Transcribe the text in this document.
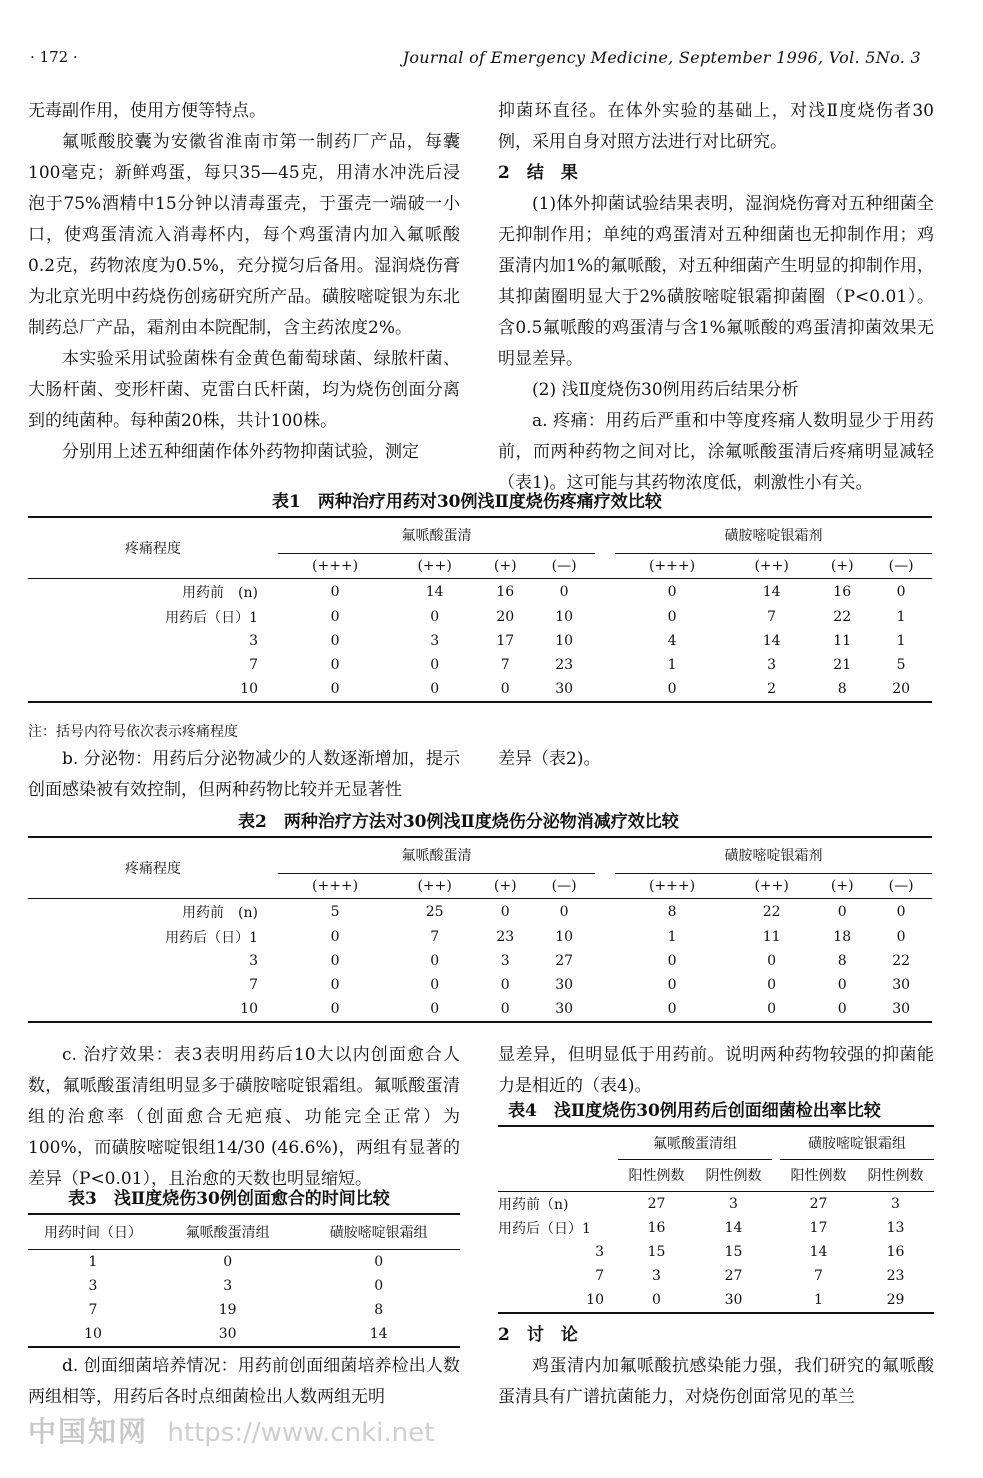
· 172 ·	Journal of Emergency Medicine, September 1996, Vol. 5No. 3

无毒副作用，使用方便等特点。

氟哌酸胶囊为安徽省淮南市第一制药厂产品，每囊100毫克；新鲜鸡蛋，每只35—45克，用清水冲洗后浸泡于75%酒精中15分钟以清毒蛋壳，于蛋壳一端破一小口，使鸡蛋清流入消毒杯内，每个鸡蛋清内加入氟哌酸0.2克，药物浓度为0.5%，充分搅匀后备用。湿润烧伤膏为北京光明中药烧伤创疡研究所产品。磺胺嘧啶银为东北制药总厂产品，霜剂由本院配制，含主药浓度2%。

本实验采用试验菌株有金黄色葡萄球菌、绿脓杆菌、大肠杆菌、变形杆菌、克雷白氏杆菌，均为烧伤创面分离到的纯菌种。每种菌20株，共计100株。

分别用上述五种细菌作体外药物抑菌试验，测定

抑菌环直径。在体外实验的基础上，对浅Ⅱ度烧伤者30例，采用自身对照方法进行对比研究。

2　结　果

(1)体外抑菌试验结果表明，湿润烧伤膏对五种细菌全无抑制作用；单纯的鸡蛋清对五种细菌也无抑制作用；鸡蛋清内加1%的氟哌酸，对五种细菌产生明显的抑制作用，其抑菌圈明显大于2%磺胺嘧啶银霜抑菌圈（P<0.01）。含0.5氟哌酸的鸡蛋清与含1%氟哌酸的鸡蛋清抑菌效果无明显差异。

(2) 浅Ⅱ度烧伤30例用药后结果分析

a. 疼痛：用药后严重和中等度疼痛人数明显少于用药前，而两种药物之间对比，涂氟哌酸蛋清后疼痛明显减轻（表1)。这可能与其药物浓度低，刺激性小有关。

表1　两种治疗用药对30例浅Ⅱ度烧伤疼痛疗效比较
疼痛程度	氟哌酸蛋清					磺胺嘧啶银霜剂			
	(+++)	(++)	(+)	(—)		(+++)	(++)	(+)	(—)
用药前　(n)	0	14	16	0		0	14	16	0
用药后（日）1	0	0	20	10		0	7	22	1
3	0	3	17	10		4	14	11	1
7	0	0	7	23		1	3	21	5
10	0	0	0	30		0	2	8	20
注：括号内符号依次表示疼痛程度

b. 分泌物：用药后分泌物减少的人数逐渐增加，提示创面感染被有效控制，但两种药物比较并无显著性

差异（表2)。

表2　两种治疗方法对30例浅Ⅱ度烧伤分泌物消减疗效比较
疼痛程度	氟哌酸蛋清					磺胺嘧啶银霜剂			
	(+++)	(++)	(+)	(—)		(+++)	(++)	(+)	(—)
用药前　(n)	5	25	0	0		8	22	0	0
用药后（日）1	0	7	23	10		1	11	18	0
3	0	0	3	27		0	0	8	22
7	0	0	0	30		0	0	0	30
10	0	0	0	30		0	0	0	30

c. 治疗效果：表3表明用药后10大以内创面愈合人数，氟哌酸蛋清组明显多于磺胺嘧啶银霜组。氟哌酸蛋清组的治愈率（创面愈合无疤痕、功能完全正常）为100%，而磺胺嘧啶银组14/30 (46.6%)，两组有显著的差异（P<0.01），且治愈的天数也明显缩短。

表3　浅Ⅱ度烧伤30例创面愈合的时间比较
用药时间（日）	氟哌酸蛋清组	磺胺嘧啶银霜组
1	0	0
3	3	0
7	19	8
10	30	14

d. 创面细菌培养情况：用药前创面细菌培养检出人数两组相等，用药后各时点细菌检出人数两组无明

显差异，但明显低于用药前。说明两种药物较强的抑菌能力是相近的（表4)。

表4　浅Ⅱ度烧伤30例用药后创面细菌检出率比较
	氟哌酸蛋清组			磺胺嘧啶银霜组	
	阳性例数	阴性例数		阳性例数	阴性例数
用药前（n)	27	3		27	3
用药后（日）1	16	14		17	13
3	15	15		14	16
7	3	27		7	23
10	0	30		1	29

2　讨　论

鸡蛋清内加氟哌酸抗感染能力强，我们研究的氟哌酸蛋清具有广谱抗菌能力，对烧伤创面常见的革兰

中国知网 https://www.cnki.net
